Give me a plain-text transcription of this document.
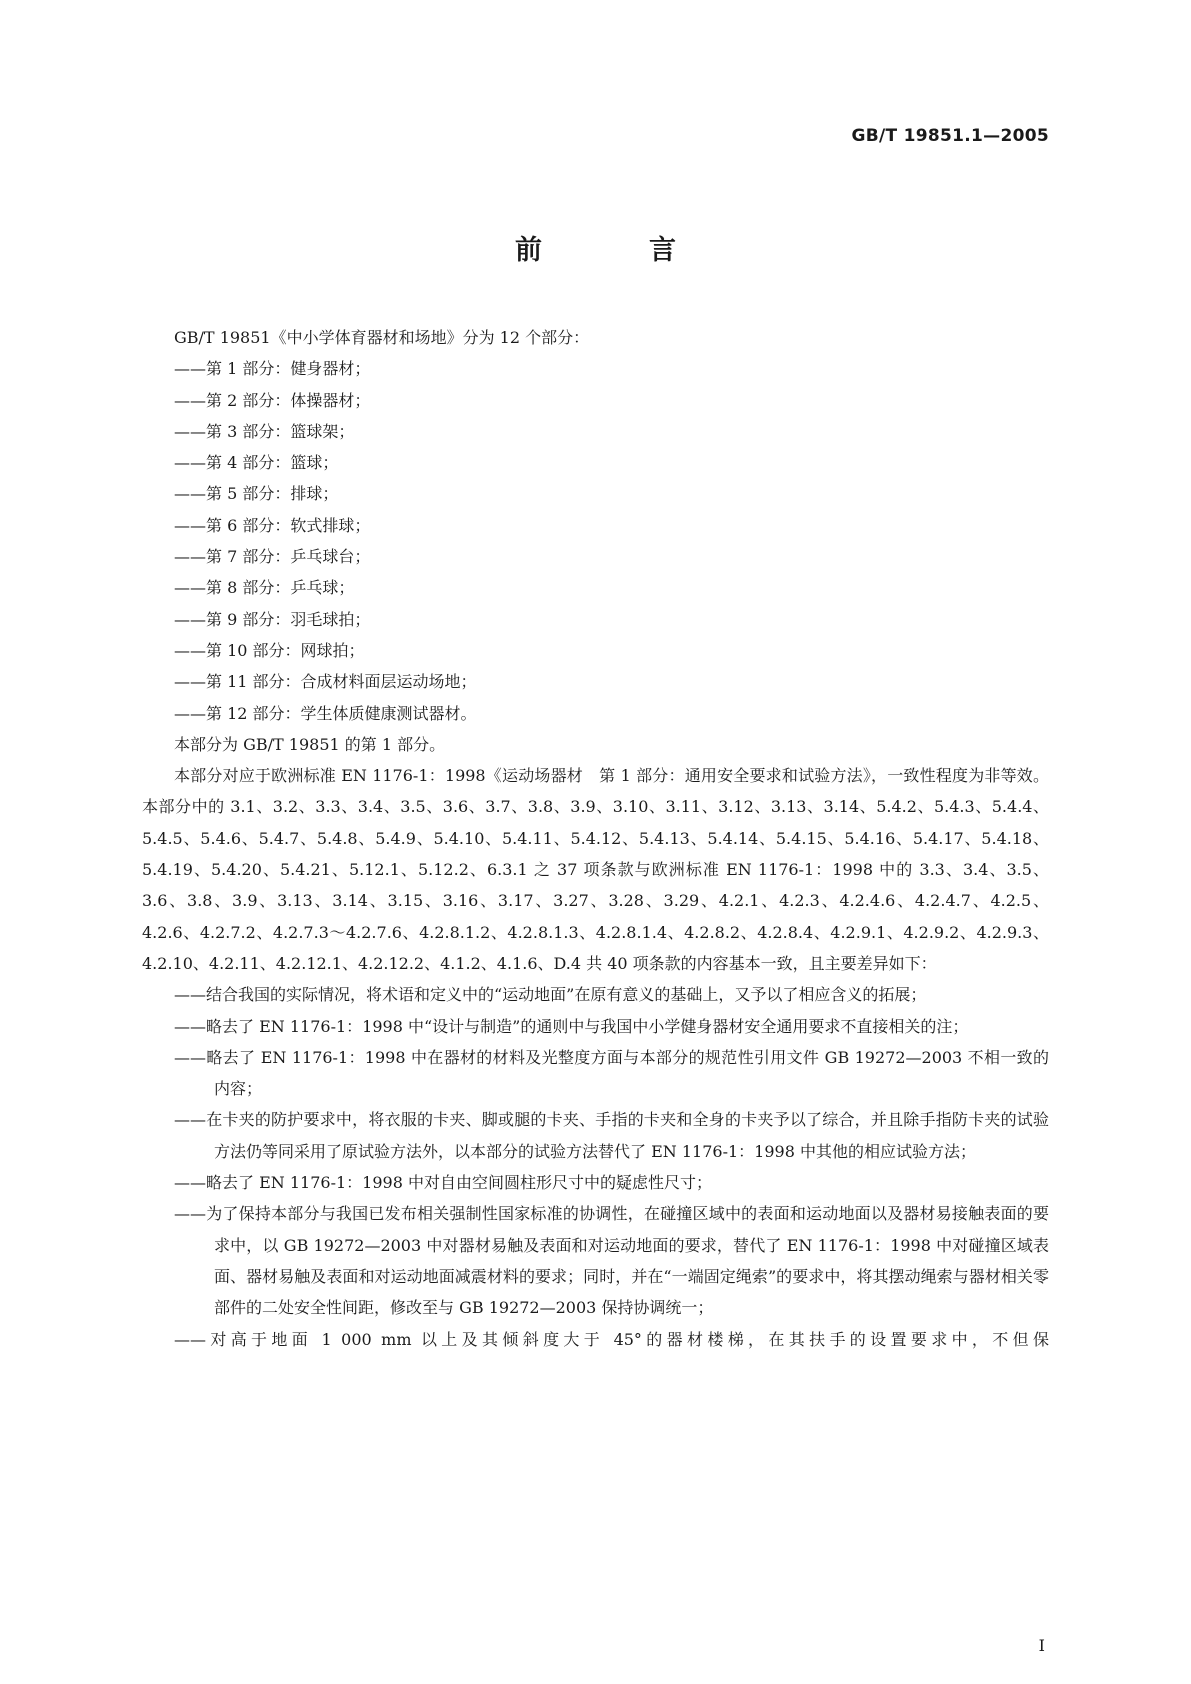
GB/T 19851.1—2005
前　言

GB/T 19851《中小学体育器材和场地》分为 12 个部分：

——第 1 部分：健身器材；

——第 2 部分：体操器材；

——第 3 部分：篮球架；

——第 4 部分：篮球；

——第 5 部分：排球；

——第 6 部分：软式排球；

——第 7 部分：乒乓球台；

——第 8 部分：乒乓球；

——第 9 部分：羽毛球拍；

——第 10 部分：网球拍；

——第 11 部分：合成材料面层运动场地；

——第 12 部分：学生体质健康测试器材。

本部分为 GB/T 19851 的第 1 部分。

本部分对应于欧洲标准 EN 1176-1：1998《运动场器材　第 1 部分：通用安全要求和试验方法》，一致性程度为非等效。本部分中的 3.1、3.2、3.3、3.4、3.5、3.6、3.7、3.8、3.9、3.10、3.11、3.12、3.13、3.14、5.4.2、5.4.3、5.4.4、5.4.5、5.4.6、5.4.7、5.4.8、5.4.9、5.4.10、5.4.11、5.4.12、5.4.13、5.4.14、5.4.15、5.4.16、5.4.17、5.4.18、5.4.19、5.4.20、5.4.21、5.12.1、5.12.2、6.3.1 之 37 项条款与欧洲标准 EN 1176-1：1998 中的 3.3、3.4、3.5、3.6、3.8、3.9、3.13、3.14、3.15、3.16、3.17、3.27、3.28、3.29、4.2.1、4.2.3、4.2.4.6、4.2.4.7、4.2.5、4.2.6、4.2.7.2、4.2.7.3～4.2.7.6、4.2.8.1.2、4.2.8.1.3、4.2.8.1.4、4.2.8.2、4.2.8.4、4.2.9.1、4.2.9.2、4.2.9.3、4.2.10、4.2.11、4.2.12.1、4.2.12.2、4.1.2、4.1.6、D.4 共 40 项条款的内容基本一致，且主要差异如下：

——结合我国的实际情况，将术语和定义中的“运动地面”在原有意义的基础上，又予以了相应含义的拓展；

——略去了 EN 1176-1：1998 中“设计与制造”的通则中与我国中小学健身器材安全通用要求不直接相关的注；

——略去了 EN 1176-1：1998 中在器材的材料及光整度方面与本部分的规范性引用文件 GB 19272—2003 不相一致的内容；

——在卡夹的防护要求中，将衣服的卡夹、脚或腿的卡夹、手指的卡夹和全身的卡夹予以了综合，并且除手指防卡夹的试验方法仍等同采用了原试验方法外，以本部分的试验方法替代了 EN 1176-1：1998 中其他的相应试验方法；

——略去了 EN 1176-1：1998 中对自由空间圆柱形尺寸中的疑虑性尺寸；

——为了保持本部分与我国已发布相关强制性国家标准的协调性，在碰撞区域中的表面和运动地面以及器材易接触表面的要求中，以 GB 19272—2003 中对器材易触及表面和对运动地面的要求，替代了 EN 1176-1：1998 中对碰撞区域表面、器材易触及表面和对运动地面减震材料的要求；同时，并在“一端固定绳索”的要求中，将其摆动绳索与器材相关零部件的二处安全性间距，修改至与 GB 19272—2003 保持协调统一；

——对高于地面 1 000 mm 以上及其倾斜度大于 45°的器材楼梯，在其扶手的设置要求中，不但保

I
